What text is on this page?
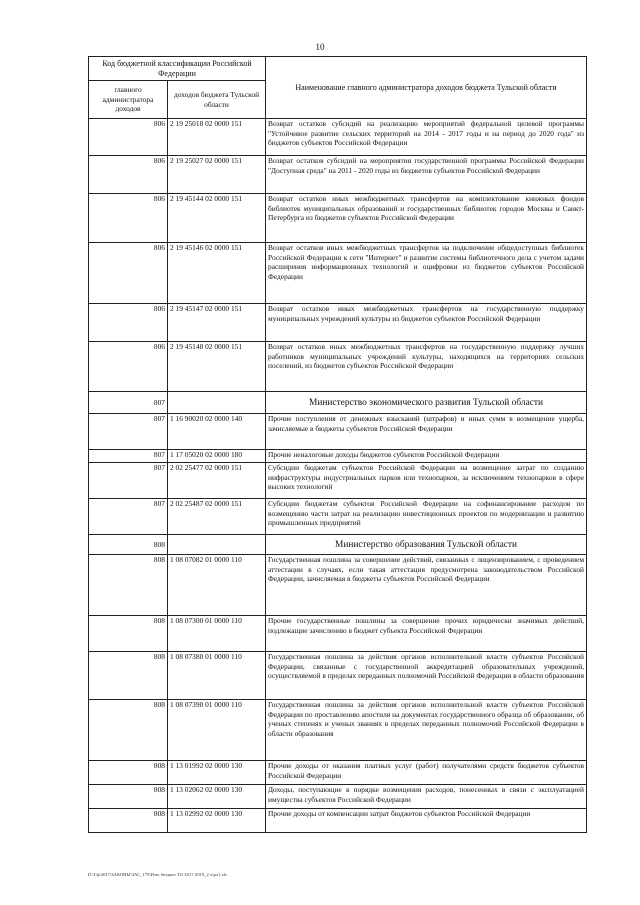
10
Код бюджетной классификации Российской Федерации		Наименование главного администратора доходов бюджета Тульской области
главного администратора доходов	доходов бюджета Тульской области	
806	2 19 25018 02 0000 151	Возврат остатков субсидий на реализацию мероприятий федеральной целевой программы "Устойчивое развитие сельских территорий на 2014 - 2017 годы и на период до 2020 года" из бюджетов субъектов Российской Федерации
806	2 19 25027 02 0000 151	Возврат остатков субсидий на мероприятия государственной программы Российской Федерации "Доступная среда" на 2011 - 2020 годы из бюджетов субъектов Российской Федерации
806	2 19 45144 02 0000 151	Возврат остатков иных межбюджетных трансфертов на комплектование книжных фондов библиотек муниципальных образований и государственных библиотек городов Москвы и Санкт-Петербурга из бюджетов субъектов Российской Федерации
806	2 19 45146 02 0000 151	Возврат остатков иных межбюджетных трансфертов на подключение общедоступных библиотек Российской Федерации к сети "Интернет" и развитие системы библиотечного дела с учетом задачи расширения информационных технологий и оцифровки из бюджетов субъектов Российской Федерации
806	2 19 45147 02 0000 151	Возврат остатков иных межбюджетных трансфертов на государственную поддержку муниципальных учреждений культуры из бюджетов субъектов Российской Федерации
806	2 19 45148 02 0000 151	Возврат остатков иных межбюджетных трансфертов на государственную поддержку лучших работников муниципальных учреждений культуры, находящихся на территориях сельских поселений, из бюджетов субъектов Российской Федерации
807		Министерство экономического развития Тульской области
807	1 16 90020 02 0000 140	Прочие поступления от денежных взысканий (штрафов) и иных сумм в возмещение ущерба, зачисляемые в бюджеты субъектов Российской Федерации
807	1 17 05020 02 0000 180	Прочие неналоговые доходы бюджетов субъектов Российской Федерации
807	2 02 25477 02 0000 151	Субсидии бюджетам субъектов Российской Федерации на возмещение затрат по созданию инфраструктуры индустриальных парков или технопарков, за исключением технопарков в сфере высоких технологий
807	2 02 25487 02 0000 151	Субсидии бюджетам субъектов Российской Федерации на софинансирование расходов по возмещению части затрат на реализацию инвестиционных проектов по модернизации и развитию промышленных предприятий
808		Министерство образования Тульской области
808	1 08 07082 01 0000 110	Государственная пошлина за совершение действий, связанных с лицензированием, с проведением аттестации в случаях, если такая аттестация предусмотрена законодательством Российской Федерации, зачисляемая в бюджеты субъектов Российской Федерации
808	1 08 07300 01 0000 110	Прочие государственные пошлины за совершение прочих юридически значимых действий, подлежащие зачислению в бюджет субъекта Российской Федерации
808	1 08 07380 01 0000 110	Государственная пошлина за действия органов исполнительной власти субъектов Российской Федерации, связанные с государственной аккредитацией образовательных учреждений, осуществляемой в пределах переданных полномочий Российской Федерации в области образования
808	1 08 07390 01 0000 110	Государственная пошлина за действия органов исполнительной власти субъектов Российской Федерации по проставлению апостиля на документах государственного образца об образовании, об ученых степенях и ученых званиях в пределах переданных полномочий Российской Федерации в области образования
808	1 13 01992 02 0000 130	Прочие доходы от оказания платных услуг (работ) получателями средств бюджетов субъектов Российской Федерации
808	1 13 02062 02 0000 130	Доходы, поступающие в порядке возмещения расходов, понесенных в связи с эксплуатацией имущества субъектов Российской Федерации
808	1 13 02992 02 0000 130	Прочие доходы от компенсации затрат бюджетов субъектов Российской Федерации
D:\Гф\2017\ЗАКОНЫ\ЗАС_179\Изм. бюджет ТО 2017-2019_2 ч\рл1.xls
